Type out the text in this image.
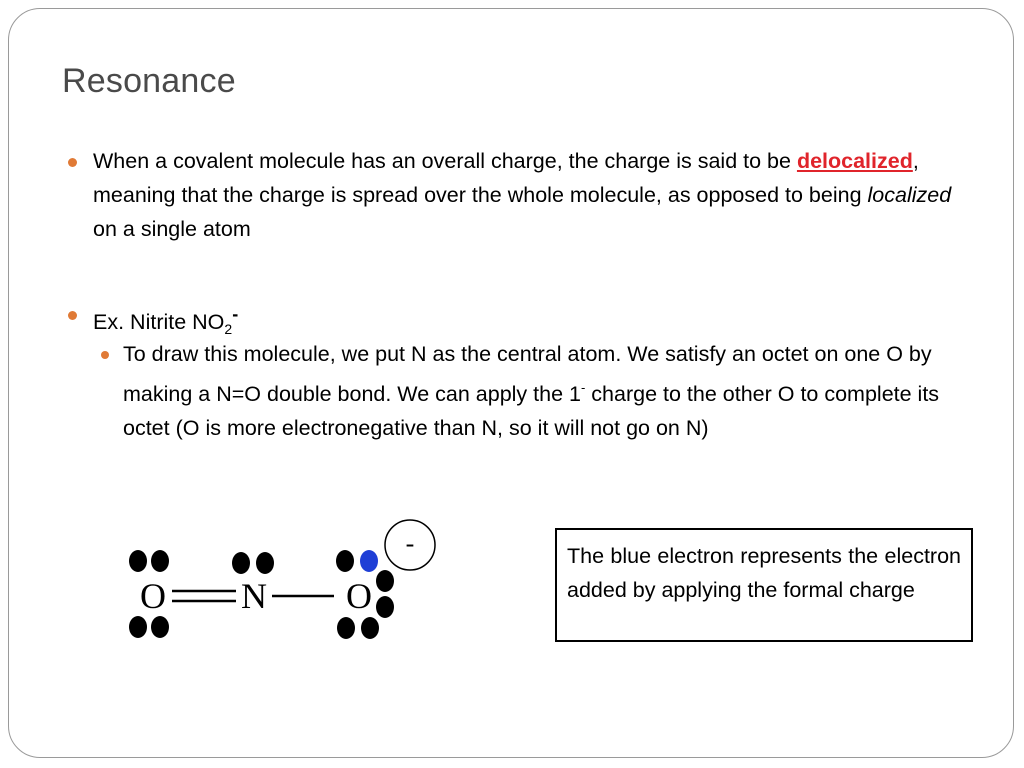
Resonance
When a covalent molecule has an overall charge, the charge is said to be delocalized, meaning that the charge is spread over the whole molecule, as opposed to being localized on a single atom
Ex. Nitrite $NO_2^-$
To draw this molecule, we put N as the central atom. We satisfy an octet on one O by making a N=O double bond. We can apply the 1- charge to the other O to complete its octet (O is more electronegative than N, so it will not go on N)
-
O N O
The blue electron represents the electron added by applying the formal charge
